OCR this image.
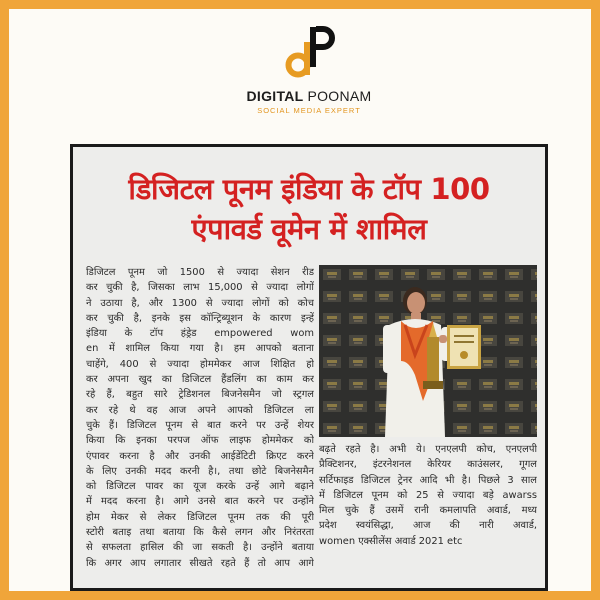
DIGITAL POONAM
SOCIAL MEDIA EXPERT
डिजिटल पूनम इंडिया के टॉप 100
एंपावर्ड वूमेन में शामिल

डिजिटल पूनम जो 1500 से ज्यादा सेशन रीड

कर चुकी है, जिसका लाभ 15,000 से ज्यादा लोगों

ने उठाया है, और 1300 से ज्यादा लोगों को कोच

कर चुकी है, इनके इस कॉन्ट्रिब्यूशन के कारण इन्हें

इंडिया के टॉप हंड्रेड empowered wom

en में शामिल किया गया है। हम आपको बताना

चाहेंगे, 400 से ज्यादा होममेकर आज शिक्षित हो

कर अपना खुद का डिजिटल हैंडलिंग का काम कर

रहे हैं, बहुत सारे ट्रेडिशनल बिजनेसमैन जो स्ट्रगल

कर रहे थे वह आज अपने आपको डिजिटल ला

चुके हैं। डिजिटल पूनम से बात करने पर उन्हें शेयर

किया कि इनका परपज ऑफ लाइफ होममेकर को

एंपावर करना है और उनकी आईडेंटिटी क्रिएट करने

के लिए उनकी मदद करनी है।, तथा छोटे बिजनेसमैन

को डिजिटल पावर का यूज करके उन्हें आगे बढ़ाने

में मदद करना है। आगे उनसे बात करने पर उन्होंने

होम मेकर से लेकर डिजिटल पूनम तक की पूरी

स्टोरी बताइ तथा बताया कि कैसे लगन और निरंतरता

से सफलता हासिल की जा सकती है। उन्होंने बताया

कि अगर आप लगातार सीखते रहते हैं तो आप आगे

बढ़ते रहते है। अभी ये। एनएलपी कोच, एनएलपी

प्रैक्टिशनर, इंटरनेशनल केरियर काउंसलर, गूगल

सर्टिफाइड डिजिटल ट्रेनर आदि भी है। पिछले 3 साल

में डिजिटल पूनम को 25 से ज्यादा बड़े awarss

मिल चुके हैं उसमें रानी कमलापति अवार्ड, मध्य

प्रदेश स्वयंसिद्धा, आज की नारी अवार्ड,

women एक्सीलेंस अवार्ड 2021 etc
